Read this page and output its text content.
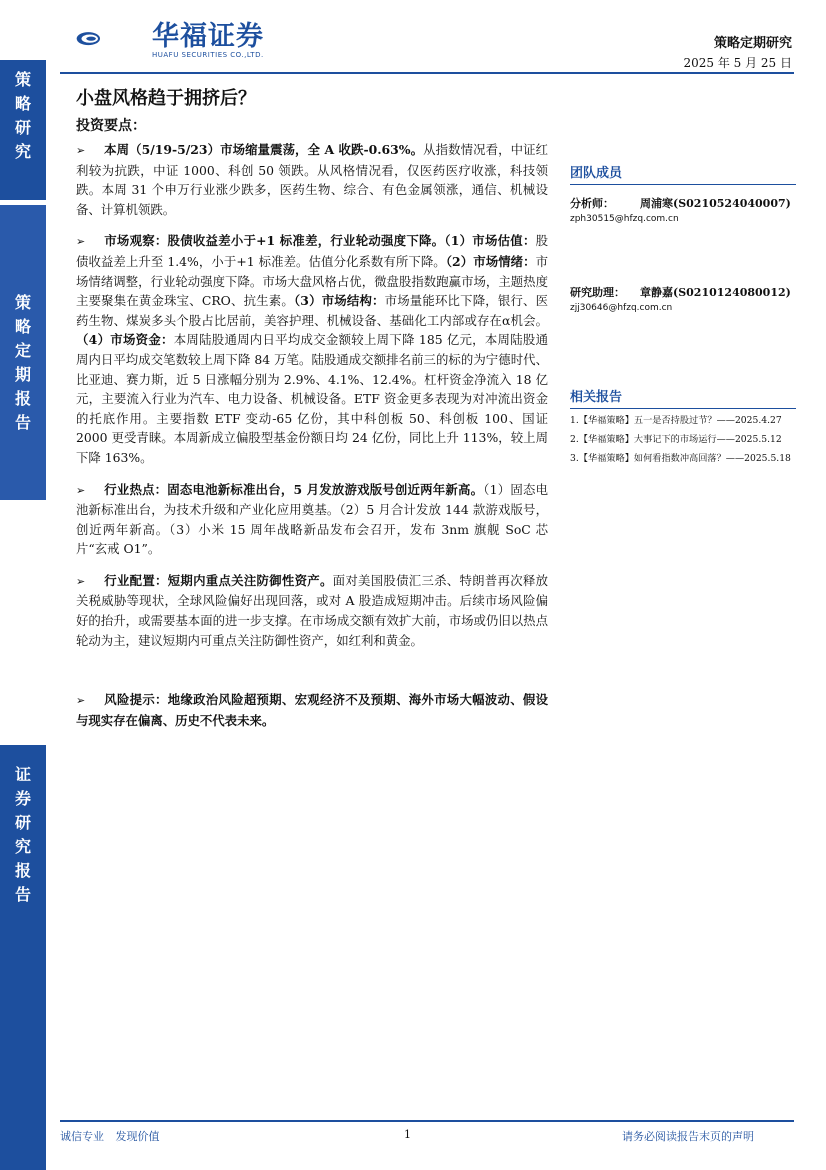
策
略
研
究
策
略
定
期
报
告
证
券
研
究
报
告
华福证券
HUAFU SECURITIES CO.,LTD.
策略定期研究
2025 年 5 月 25 日
小盘风格趋于拥挤后？
投资要点：

➢ 本周（5/19-5/23）市场缩量震荡，全 A 收跌-0.63%。从指数情况看，中证红利较为抗跌，中证 1000、科创 50 领跌。从风格情况看，仅医药医疗收涨，科技领跌。本周 31 个申万行业涨少跌多，医药生物、综合、有色金属领涨，通信、机械设备、计算机领跌。

➢ 市场观察：股债收益差小于+1 标准差，行业轮动强度下降。（1）市场估值：股债收益差上升至 1.4%，小于+1 标准差。估值分化系数有所下降。（2）市场情绪：市场情绪调整，行业轮动强度下降。市场大盘风格占优，微盘股指数跑赢市场，主题热度主要聚集在黄金珠宝、CRO、抗生素。（3）市场结构：市场量能环比下降，银行、医药生物、煤炭多头个股占比居前，美容护理、机械设备、基础化工内部或存在α机会。（4）市场资金：本周陆股通周内日平均成交金额较上周下降 185 亿元，本周陆股通周内日平均成交笔数较上周下降 84 万笔。陆股通成交额排名前三的标的为宁德时代、比亚迪、赛力斯，近 5 日涨幅分别为 2.9%、4.1%、12.4%。杠杆资金净流入 18 亿元，主要流入行业为汽车、电力设备、机械设备。ETF 资金更多表现为对冲流出资金的托底作用。主要指数 ETF 变动-65 亿份，其中科创板 50、科创板 100、国证 2000 更受青睐。本周新成立偏股型基金份额日均 24 亿份，同比上升 113%，较上周下降 163%。

➢ 行业热点：固态电池新标准出台，5 月发放游戏版号创近两年新高。（1）固态电池新标准出台，为技术升级和产业化应用奠基。（2）5 月合计发放 144 款游戏版号，创近两年新高。（3）小米 15 周年战略新品发布会召开，发布 3nm 旗舰 SoC 芯片“玄戒 O1”。

➢ 行业配置：短期内重点关注防御性资产。面对美国股债汇三杀、特朗普再次释放关税威胁等现状，全球风险偏好出现回落，或对 A 股造成短期冲击。后续市场风险偏好的抬升，或需要基本面的进一步支撑。在市场成交额有效扩大前，市场或仍旧以热点轮动为主，建议短期内可重点关注防御性资产，如红利和黄金。

➢ 风险提示：地缘政治风险超预期、宏观经济不及预期、海外市场大幅波动、假设与现实存在偏离、历史不代表未来。

团队成员
分析师： 周浦寒(S0210524040007)
zph30515@hfzq.com.cn
研究助理： 章静嘉(S0210124080012)
zjj30646@hfzq.com.cn
相关报告
1.【华福策略】五一是否持股过节？——2025.4.27
2.【华福策略】大事记下的市场运行——2025.5.12
3.【华福策略】如何看指数冲高回落？——2025.5.18
诚信专业 发现价值	1	请务必阅读报告末页的声明
